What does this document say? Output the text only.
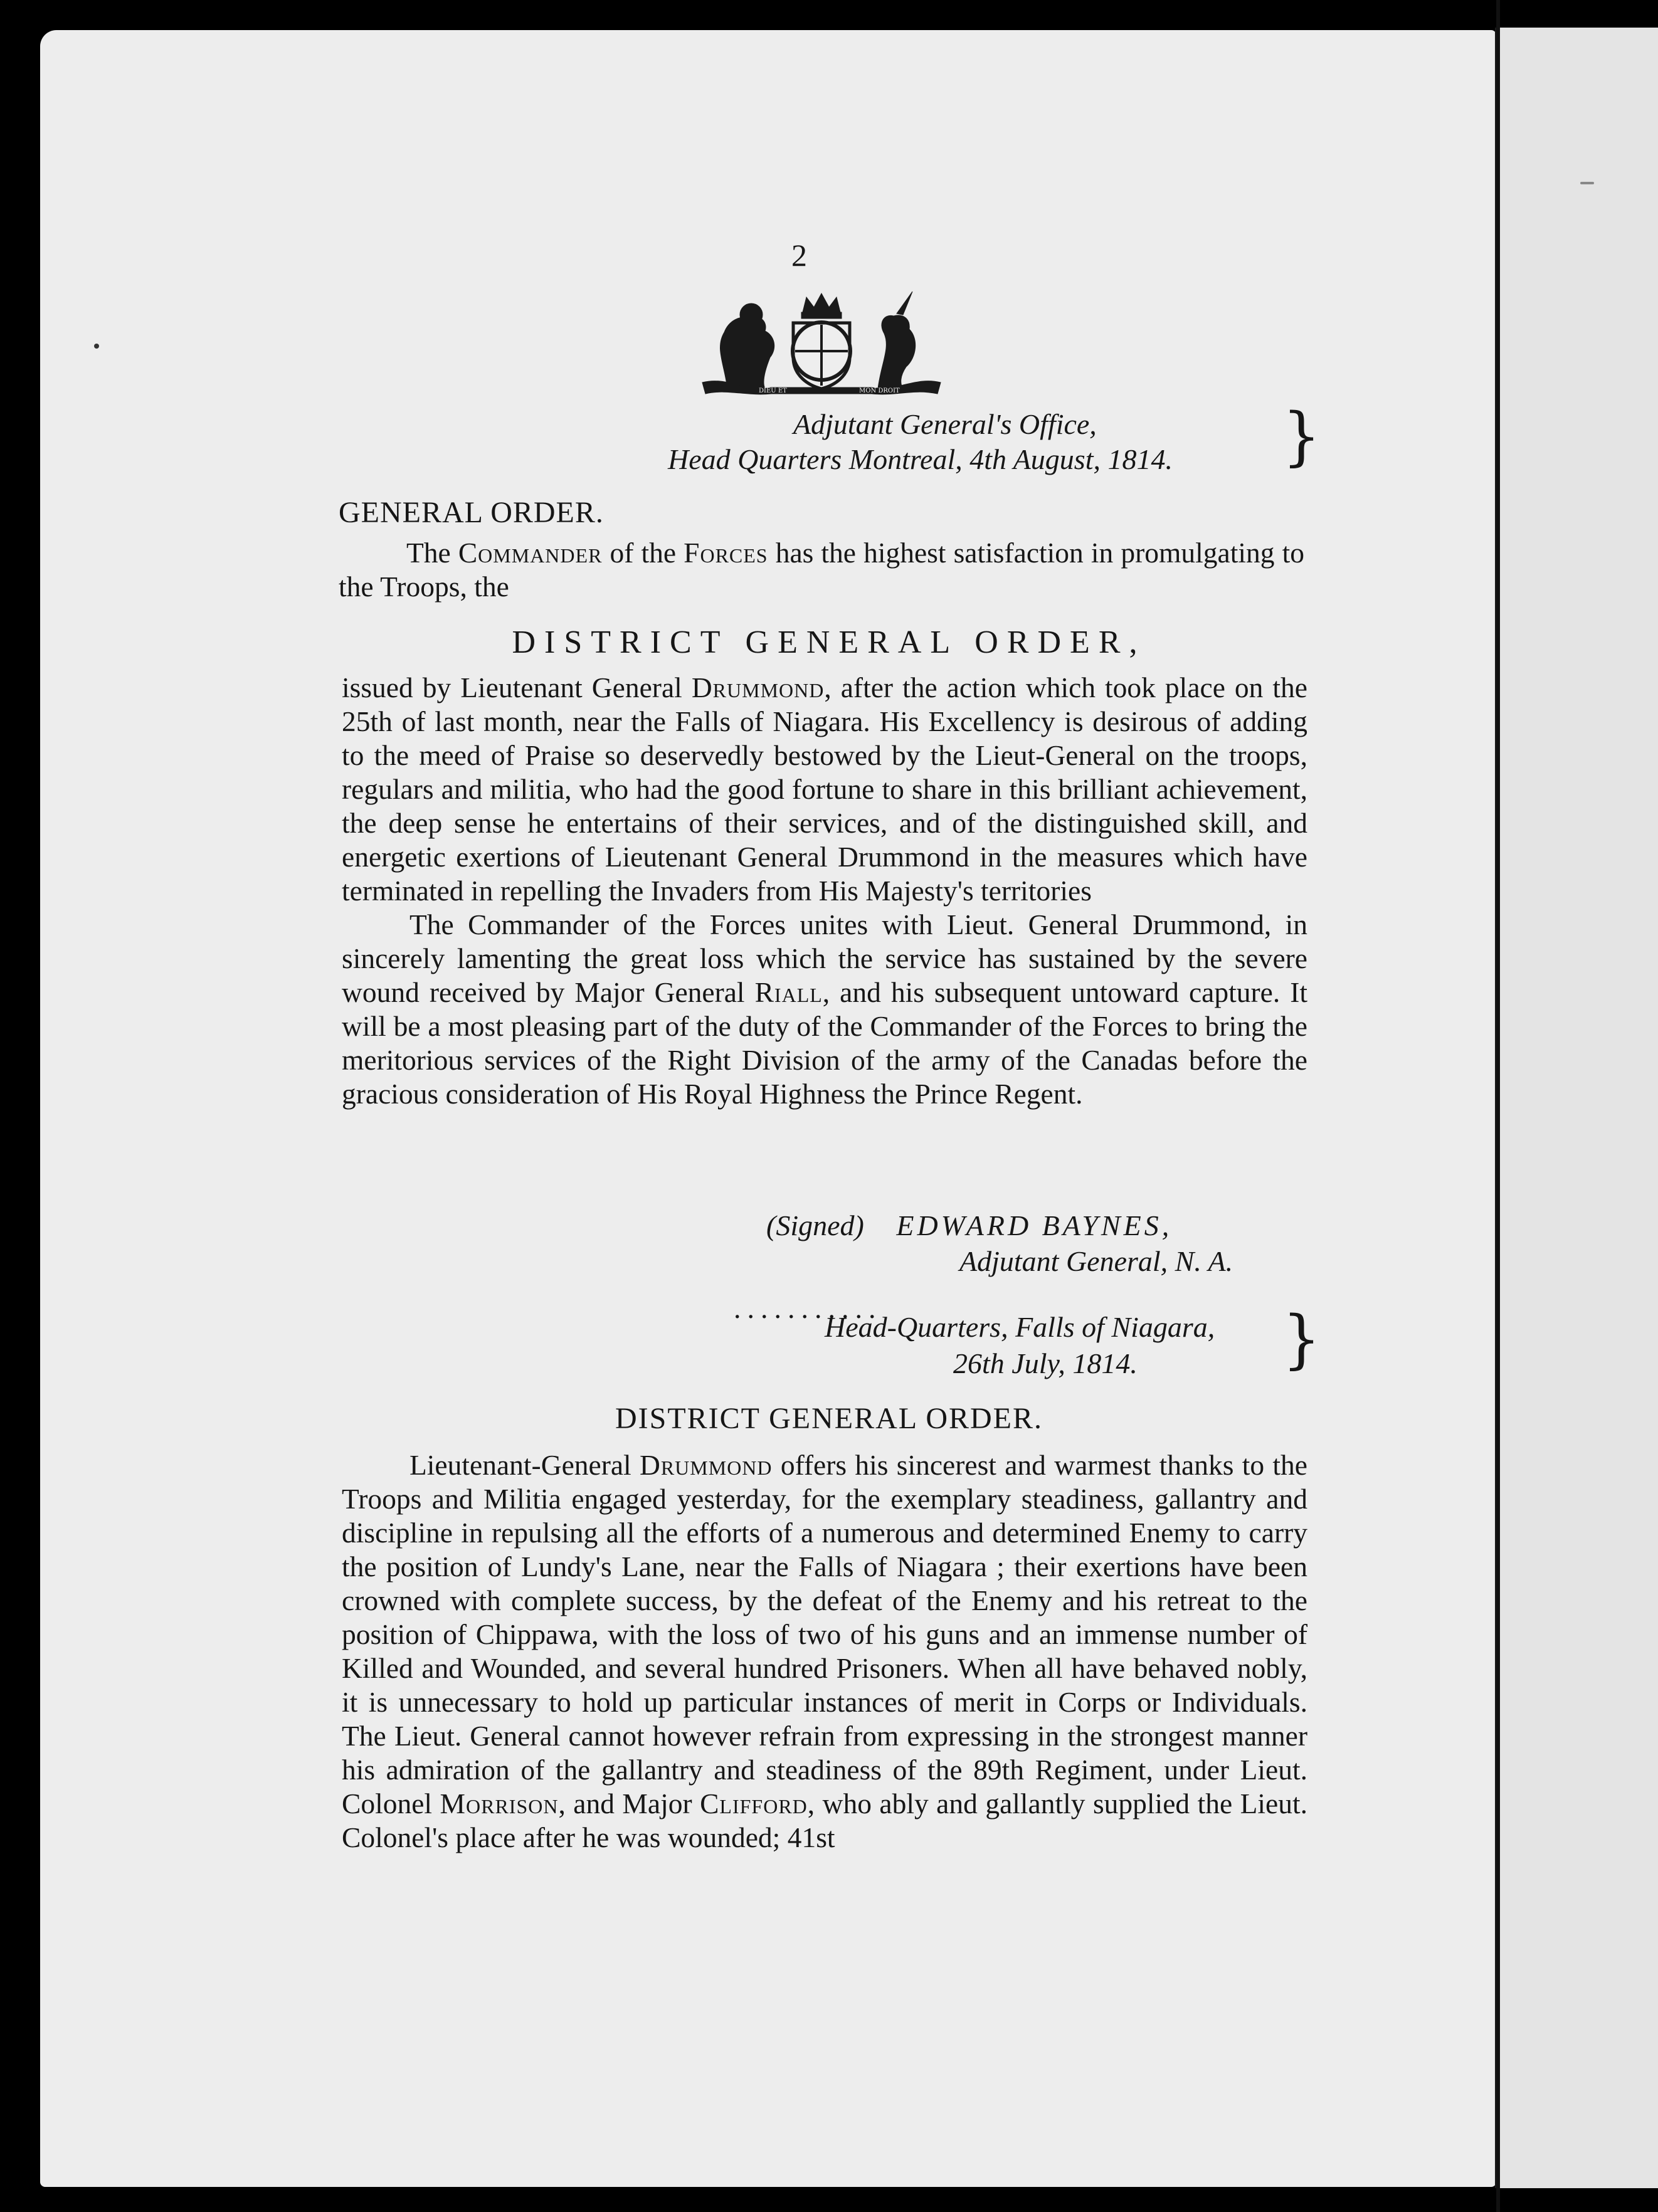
2
DIEU ET	MON DROIT
Adjutant General's Office,
Head Quarters Montreal, 4th August, 1814. }
GENERAL ORDER.

The Commander of the Forces has the highest satisfaction in promulgating to the Troops, the

DISTRICT GENERAL ORDER,

issued by Lieutenant General Drummond, after the action which took place on the 25th of last month, near the Falls of Niagara. His Excellency is desirous of adding to the meed of Praise so deservedly bestowed by the Lieut-General on the troops, regulars and militia, who had the good fortune to share in this brilliant achievement, the deep sense he entertains of their services, and of the distinguished skill, and energetic exertions of Lieutenant General Drummond in the measures which have terminated in repelling the Invaders from His Majesty's territories

The Commander of the Forces unites with Lieut. General Drummond, in sincerely lamenting the great loss which the service has sustained by the severe wound received by Major General Riall, and his subsequent untoward capture. It will be a most pleasing part of the duty of the Commander of the Forces to bring the meritorious services of the Right Division of the army of the Canadas before the gracious consideration of His Royal Highness the Prince Regent.

(Signed) EDWARD BAYNES,
Adjutant General, N. A.
...........
Head-Quarters, Falls of Niagara,
26th July, 1814. }
DISTRICT GENERAL ORDER.

Lieutenant-General Drummond offers his sincerest and warmest thanks to the Troops and Militia engaged yesterday, for the exemplary steadiness, gallantry and discipline in repulsing all the efforts of a numerous and determined Enemy to carry the position of Lundy's Lane, near the Falls of Niagara ; their exertions have been crowned with complete success, by the defeat of the Enemy and his retreat to the position of Chippawa, with the loss of two of his guns and an immense number of Killed and Wounded, and several hundred Prisoners. When all have behaved nobly, it is unnecessary to hold up particular instances of merit in Corps or Individuals. The Lieut. General cannot however refrain from expressing in the strongest manner his admiration of the gallantry and steadiness of the 89th Regiment, under Lieut. Colonel Morrison, and Major Clifford, who ably and gallantly supplied the Lieut. Colonel's place after he was wounded; 41st
